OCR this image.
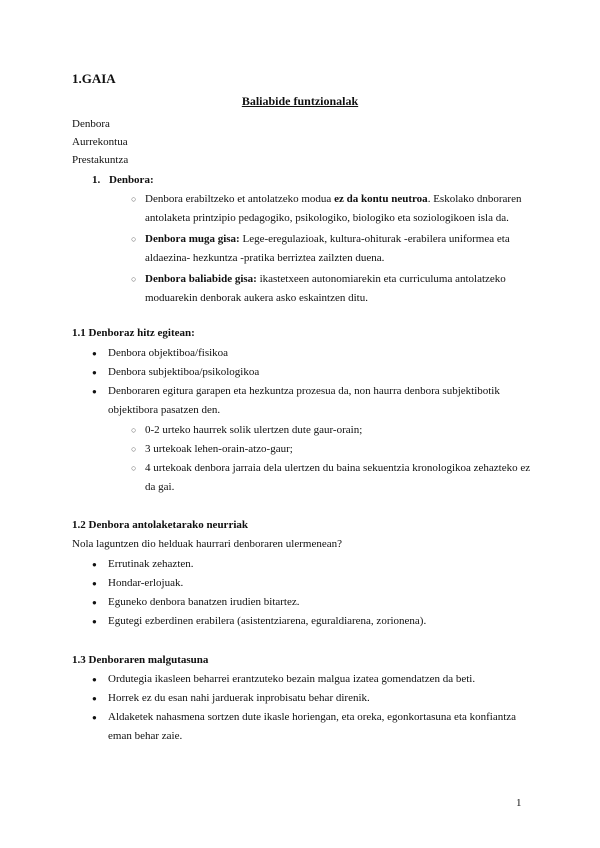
1.GAIA
Baliabide funtzionalak
Denbora
Aurrekontua
Prestakuntza
1. Denbora:
○ Denbora erabiltzeko et antolatzeko modua ez da kontu neutroa. Eskolako dnboraren antolaketa printzipio pedagogiko, psikologiko, biologiko eta soziologikoen isla da.
○ Denbora muga gisa: Lege-eregulazioak, kultura-ohiturak -erabilera uniformea eta aldaezina- hezkuntza -pratika berriztea zailzten duena.
○ Denbora baliabide gisa: ikastetxeen autonomiarekin eta curriculuma antolatzeko moduarekin denborak aukera asko eskaintzen ditu.
1.1 Denboraz hitz egitean:
● Denbora objektiboa/fisikoa
● Denbora subjektiboa/psikologikoa
● Denboraren egitura garapen eta hezkuntza prozesua da, non haurra denbora subjektibotik objektibora pasatzen den.
○ 0-2 urteko haurrek solik ulertzen dute gaur-orain;
○ 3 urtekoak lehen-orain-atzo-gaur;
○ 4 urtekoak denbora jarraia dela ulertzen du baina sekuentzia kronologikoa zehazteko ez da gai.
1.2 Denbora antolaketarako neurriak
Nola laguntzen dio helduak haurrari denboraren ulermenean?
● Errutinak zehazten.
● Hondar-erlojuak.
● Eguneko denbora banatzen irudien bitartez.
● Egutegi ezberdinen erabilera (asistentziarena, eguraldiarena, zorionena).
1.3 Denboraren malgutasuna
● Ordutegia ikasleen beharrei erantzuteko bezain malgua izatea gomendatzen da beti.
● Horrek ez du esan nahi jarduerak inprobisatu behar direnik.
● Aldaketek nahasmena sortzen dute ikasle horiengan, eta oreka, egonkortasuna eta konfiantza eman behar zaie.
1
